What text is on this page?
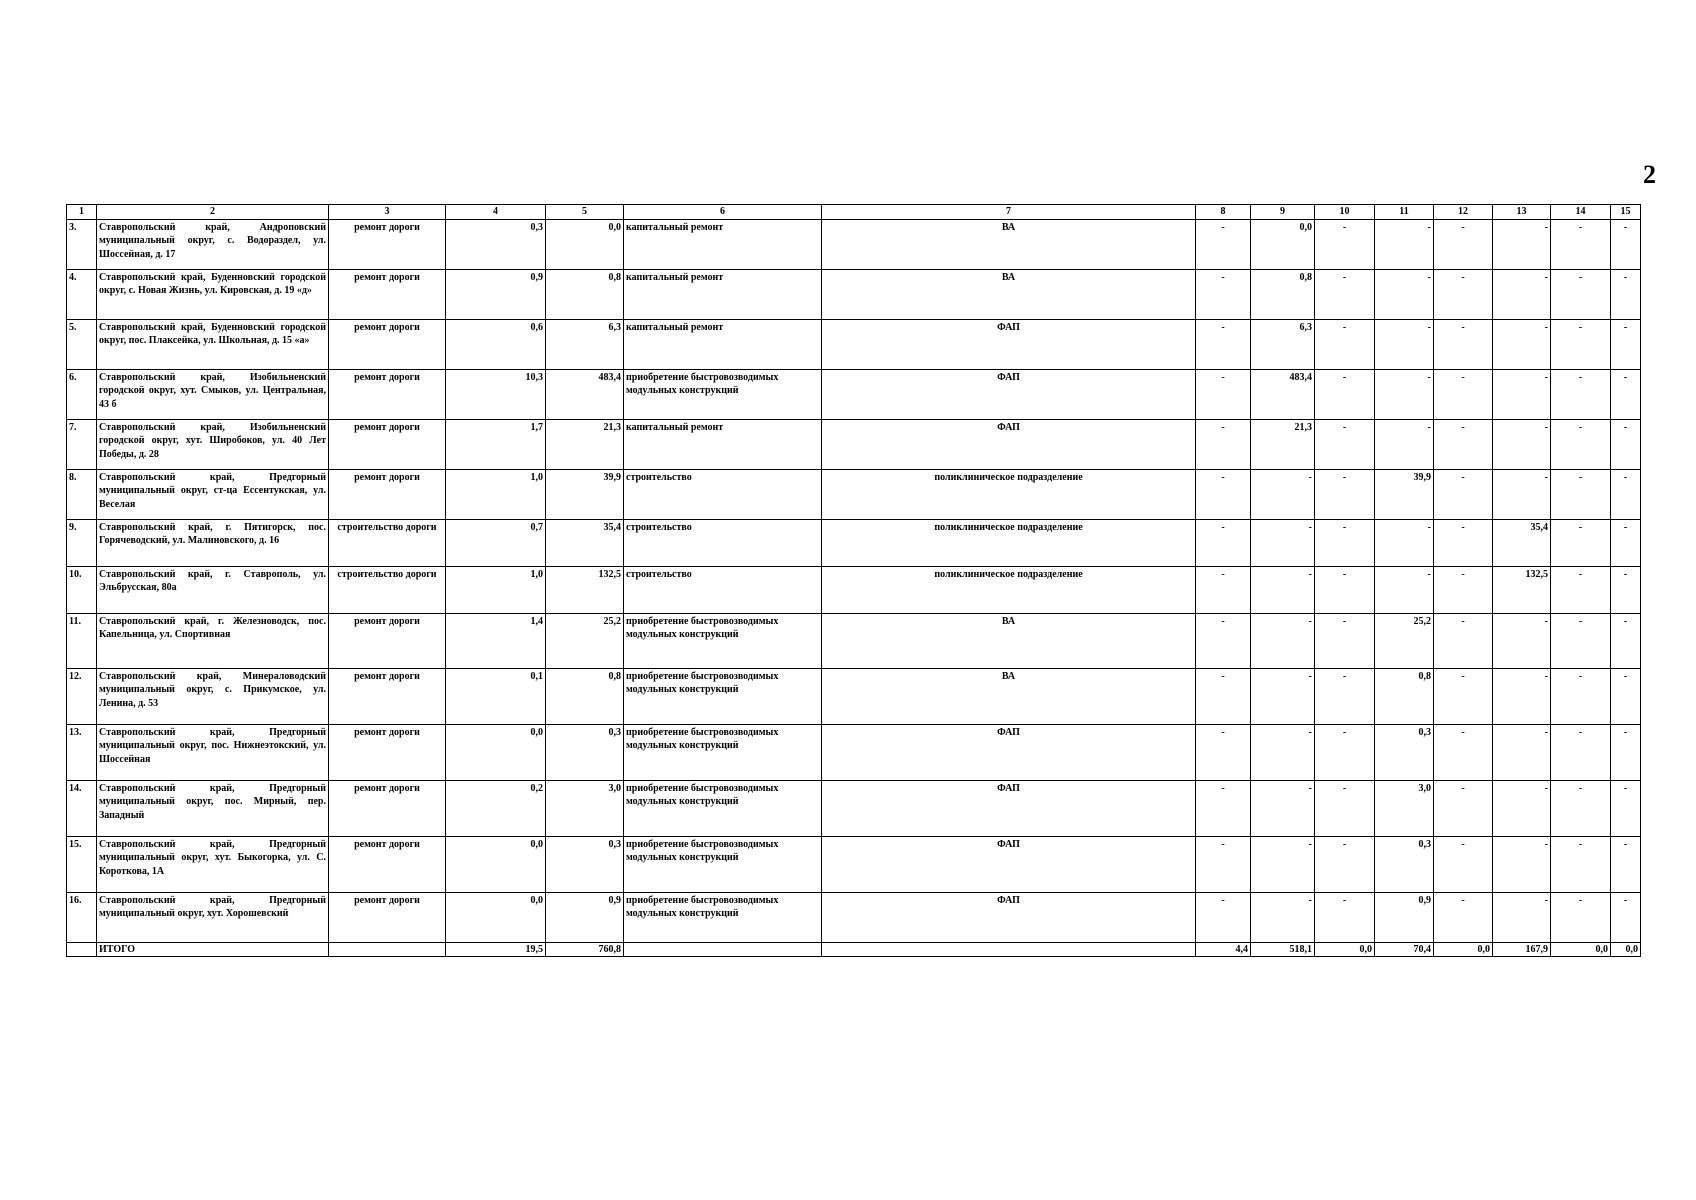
2
1	2	3	4	5	6	7	8	9	10	11	12	13	14	15
3.	Ставропольский край, Андроповский муниципальный округ, с. Водораздел, ул. Шоссейная, д. 17	ремонт дороги	0,3	0,0	капитальный ремонт	ВА	-	0,0	-	-	-	-	-	-
4.	Ставропольский край, Буденновский городской округ, с. Новая Жизнь, ул. Кировская, д. 19 «д»	ремонт дороги	0,9	0,8	капитальный ремонт	ВА	-	0,8	-	-	-	-	-	-
5.	Ставропольский край, Буденновский городской округ, пос. Плаксейка, ул. Школьная, д. 15 «а»	ремонт дороги	0,6	6,3	капитальный ремонт	ФАП	-	6,3	-	-	-	-	-	-
6.	Ставропольский край, Изобильненский городской округ, хут. Смыков, ул. Центральная, 43 б	ремонт дороги	10,3	483,4	приобретение быстровозводимых модульных конструкций	ФАП	-	483,4	-	-	-	-	-	-
7.	Ставропольский край, Изобильненский городской округ, хут. Широбоков, ул. 40 Лет Победы, д. 28	ремонт дороги	1,7	21,3	капитальный ремонт	ФАП	-	21,3	-	-	-	-	-	-
8.	Ставропольский край, Предгорный муниципальный округ, ст-ца Ессентукская, ул. Веселая	ремонт дороги	1,0	39,9	строительство	поликлиническое подразделение	-	-	-	39,9	-	-	-	-
9.	Ставропольский край, г. Пятигорск, пос. Горячеводский, ул. Малиновского, д. 16	строительство дороги	0,7	35,4	строительство	поликлиническое подразделение	-	-	-	-	-	35,4	-	-
10.	Ставропольский край, г. Ставрополь, ул. Эльбрусская, 80а	строительство дороги	1,0	132,5	строительство	поликлиническое подразделение	-	-	-	-	-	132,5	-	-
11.	Ставропольский край, г. Железноводск, пос. Капельница, ул. Спортивная	ремонт дороги	1,4	25,2	приобретение быстровозводимых модульных конструкций	ВА	-	-	-	25,2	-	-	-	-
12.	Ставропольский край, Минераловодский муниципальный округ, с. Прикумское, ул. Ленина, д. 53	ремонт дороги	0,1	0,8	приобретение быстровозводимых модульных конструкций	ВА	-	-	-	0,8	-	-	-	-
13.	Ставропольский край, Предгорный муниципальный округ, пос. Нижнеэтокский, ул. Шоссейная	ремонт дороги	0,0	0,3	приобретение быстровозводимых модульных конструкций	ФАП	-	-	-	0,3	-	-	-	-
14.	Ставропольский край, Предгорный муниципальный округ, пос. Мирный, пер. Западный	ремонт дороги	0,2	3,0	приобретение быстровозводимых модульных конструкций	ФАП	-	-	-	3,0	-	-	-	-
15.	Ставропольский край, Предгорный муниципальный округ, хут. Быкогорка, ул. С. Короткова, 1А	ремонт дороги	0,0	0,3	приобретение быстровозводимых модульных конструкций	ФАП	-	-	-	0,3	-	-	-	-
16.	Ставропольский край, Предгорный муниципальный округ, хут. Хорошевский	ремонт дороги	0,0	0,9	приобретение быстровозводимых модульных конструкций	ФАП	-	-	-	0,9	-	-	-	-
	ИТОГО		19,5	760,8			4,4	518,1	0,0	70,4	0,0	167,9	0,0	0,0
